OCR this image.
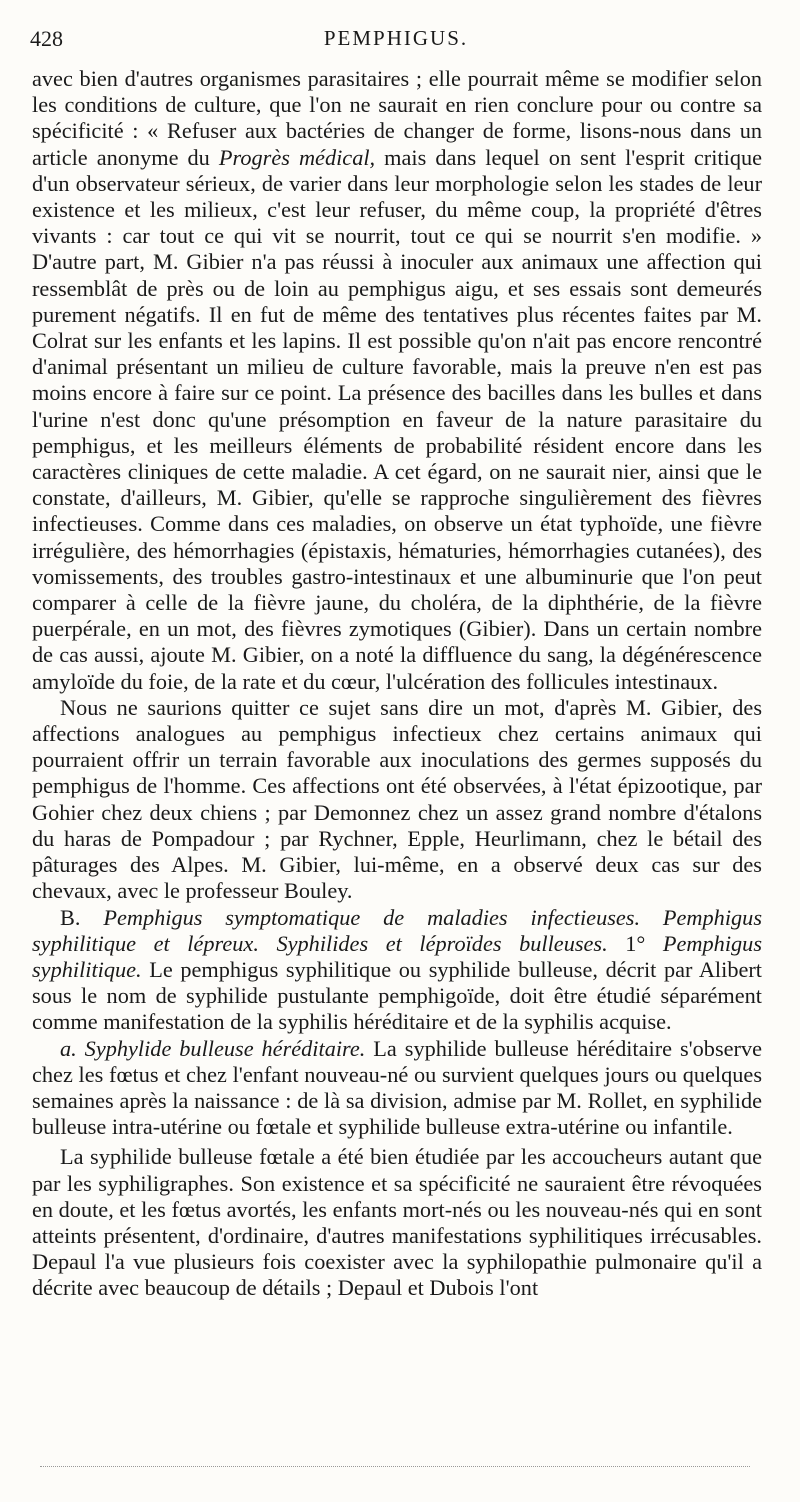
428	PEMPHIGUS.

avec bien d'autres organismes parasitaires ; elle pourrait même se modifier selon les conditions de culture, que l'on ne saurait en rien conclure pour ou contre sa spécificité : « Refuser aux bactéries de changer de forme, lisons-nous dans un article anonyme du Progrès médical, mais dans lequel on sent l'esprit critique d'un observateur sérieux, de varier dans leur morphologie selon les stades de leur existence et les milieux, c'est leur refuser, du même coup, la propriété d'êtres vivants : car tout ce qui vit se nourrit, tout ce qui se nourrit s'en modifie. » D'autre part, M. Gibier n'a pas réussi à inoculer aux animaux une affection qui ressemblât de près ou de loin au pemphigus aigu, et ses essais sont demeurés purement négatifs. Il en fut de même des tentatives plus récentes faites par M. Colrat sur les enfants et les lapins. Il est possible qu'on n'ait pas encore rencontré d'animal présentant un milieu de culture favorable, mais la preuve n'en est pas moins encore à faire sur ce point. La présence des bacilles dans les bulles et dans l'urine n'est donc qu'une présomption en faveur de la nature parasitaire du pemphigus, et les meilleurs éléments de probabilité résident encore dans les caractères cliniques de cette maladie. A cet égard, on ne saurait nier, ainsi que le constate, d'ailleurs, M. Gibier, qu'elle se rapproche singulièrement des fièvres infectieuses. Comme dans ces maladies, on observe un état typhoïde, une fièvre irrégulière, des hémorrhagies (épistaxis, hématuries, hémorrhagies cutanées), des vomissements, des troubles gastro-intestinaux et une albuminurie que l'on peut comparer à celle de la fièvre jaune, du choléra, de la diphthérie, de la fièvre puerpérale, en un mot, des fièvres zymotiques (Gibier). Dans un certain nombre de cas aussi, ajoute M. Gibier, on a noté la diffluence du sang, la dégénérescence amyloïde du foie, de la rate et du cœur, l'ulcération des follicules intestinaux.

Nous ne saurions quitter ce sujet sans dire un mot, d'après M. Gibier, des affections analogues au pemphigus infectieux chez certains animaux qui pourraient offrir un terrain favorable aux inoculations des germes supposés du pemphigus de l'homme. Ces affections ont été observées, à l'état épizootique, par Gohier chez deux chiens ; par Demonnez chez un assez grand nombre d'étalons du haras de Pompadour ; par Rychner, Epple, Heurlimann, chez le bétail des pâturages des Alpes. M. Gibier, lui-même, en a observé deux cas sur des chevaux, avec le professeur Bouley.

B. Pemphigus symptomatique de maladies infectieuses. Pemphigus syphilitique et lépreux. Syphilides et léproïdes bulleuses. 1° Pemphigus syphilitique. Le pemphigus syphilitique ou syphilide bulleuse, décrit par Alibert sous le nom de syphilide pustulante pemphigoïde, doit être étudié séparément comme manifestation de la syphilis héréditaire et de la syphilis acquise.

a. Syphylide bulleuse héréditaire. La syphilide bulleuse héréditaire s'observe chez les fœtus et chez l'enfant nouveau-né ou survient quelques jours ou quelques semaines après la naissance : de là sa division, admise par M. Rollet, en syphilide bulleuse intra-utérine ou fœtale et syphilide bulleuse extra-utérine ou infantile.

La syphilide bulleuse fœtale a été bien étudiée par les accoucheurs autant que par les syphiligraphes. Son existence et sa spécificité ne sauraient être révoquées en doute, et les fœtus avortés, les enfants mort-nés ou les nouveau-nés qui en sont atteints présentent, d'ordinaire, d'autres manifestations syphilitiques irrécusables. Depaul l'a vue plusieurs fois coexister avec la syphilopathie pulmonaire qu'il a décrite avec beaucoup de détails ; Depaul et Dubois l'ont
